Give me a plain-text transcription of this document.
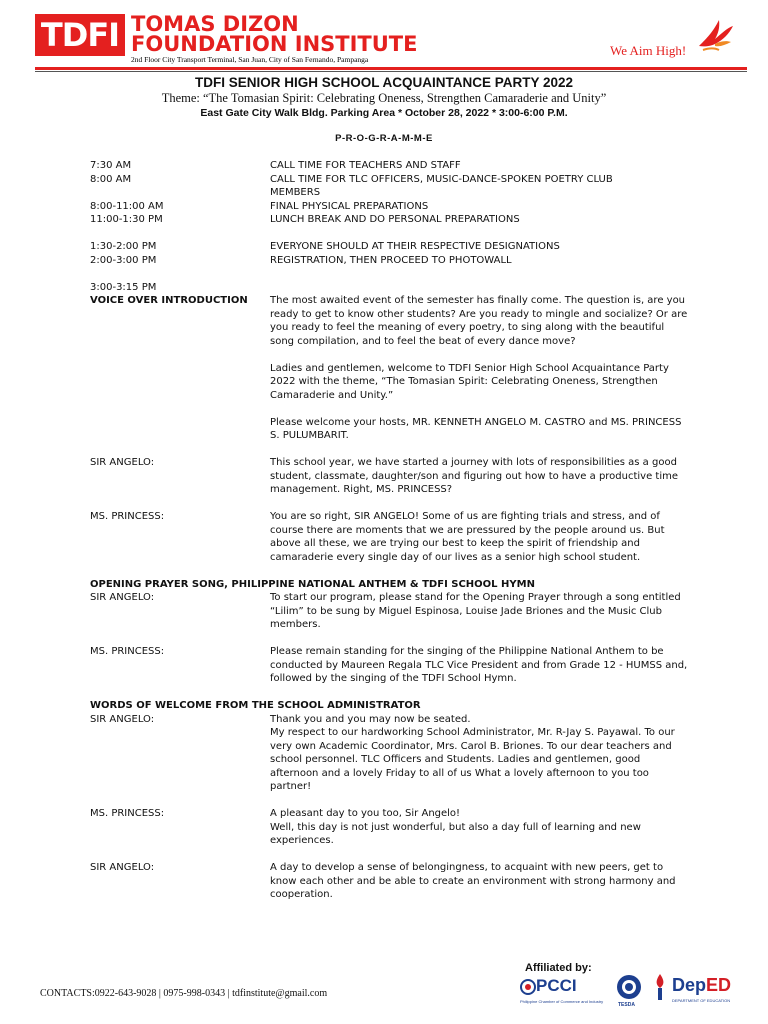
TDFI TOMAS DIZON
FOUNDATION INSTITUTE
2nd Floor City Transport Terminal, San Juan, City of San Fernando, Pampanga
We Aim High!
TDFI SENIOR HIGH SCHOOL ACQUAINTANCE PARTY 2022
Theme: “The Tomasian Spirit: Celebrating Oneness, Strengthen Camaraderie and Unity”
East Gate City Walk Bldg. Parking Area * October 28, 2022 * 3:00-6:00 P.M.
P-R-O-G-R-A-M-M-E
7:30 AM	CALL TIME FOR TEACHERS AND STAFF
8:00 AM	CALL TIME FOR TLC OFFICERS, MUSIC-DANCE-SPOKEN POETRY CLUB MEMBERS
8:00-11:00 AM	FINAL PHYSICAL PREPARATIONS
11:00-1:30 PM	LUNCH BREAK AND DO PERSONAL PREPARATIONS
1:30-2:00 PM	EVERYONE SHOULD AT THEIR RESPECTIVE DESIGNATIONS
2:00-3:00 PM	REGISTRATION, THEN PROCEED TO PHOTOWALL
3:00-3:15 PM
VOICE OVER INTRODUCTION	The most awaited event of the semester has finally come. The question is, are you ready to get to know other students? Are you ready to mingle and socialize? Or are you ready to feel the meaning of every poetry, to sing along with the beautiful song compilation, and to feel the beat of every dance move?
Ladies and gentlemen, welcome to TDFI Senior High School Acquaintance Party 2022 with the theme, “The Tomasian Spirit: Celebrating Oneness, Strengthen Camaraderie and Unity.”
Please welcome your hosts, MR. KENNETH ANGELO M. CASTRO and MS. PRINCESS S. PULUMBARIT.
SIR ANGELO:	This school year, we have started a journey with lots of responsibilities as a good student, classmate, daughter/son and figuring out how to have a productive time management. Right, MS. PRINCESS?
MS. PRINCESS:	You are so right, SIR ANGELO! Some of us are fighting trials and stress, and of course there are moments that we are pressured by the people around us. But above all these, we are trying our best to keep the spirit of friendship and camaraderie every single day of our lives as a senior high school student.
OPENING PRAYER SONG, PHILIPPINE NATIONAL ANTHEM & TDFI SCHOOL HYMN
SIR ANGELO:	To start our program, please stand for the Opening Prayer through a song entitled “Lilim” to be sung by Miguel Espinosa, Louise Jade Briones and the Music Club members.
MS. PRINCESS:	Please remain standing for the singing of the Philippine National Anthem to be conducted by Maureen Regala TLC Vice President and from Grade 12 - HUMSS and, followed by the singing of the TDFI School Hymn.
WORDS OF WELCOME FROM THE SCHOOL ADMINISTRATOR
SIR ANGELO:	Thank you and you may now be seated.
My respect to our hardworking School Administrator, Mr. R-Jay S. Payawal. To our very own Academic Coordinator, Mrs. Carol B. Briones. To our dear teachers and school personnel. TLC Officers and Students. Ladies and gentlemen, good afternoon and a lovely Friday to all of us What a lovely afternoon to you too partner!
MS. PRINCESS:	A pleasant day to you too, Sir Angelo!
Well, this day is not just wonderful, but also a day full of learning and new experiences.
SIR ANGELO:	A day to develop a sense of belongingness, to acquaint with new peers, get to know each other and be able to create an environment with strong harmony and cooperation.
CONTACTS:0922-643-9028 | 0975-998-0343 | tdfinstitute@gmail.com
Affiliated by:
PCCI
Philippine Chamber of Commerce and Industry
TESDA
DepED
DEPARTMENT OF EDUCATION
